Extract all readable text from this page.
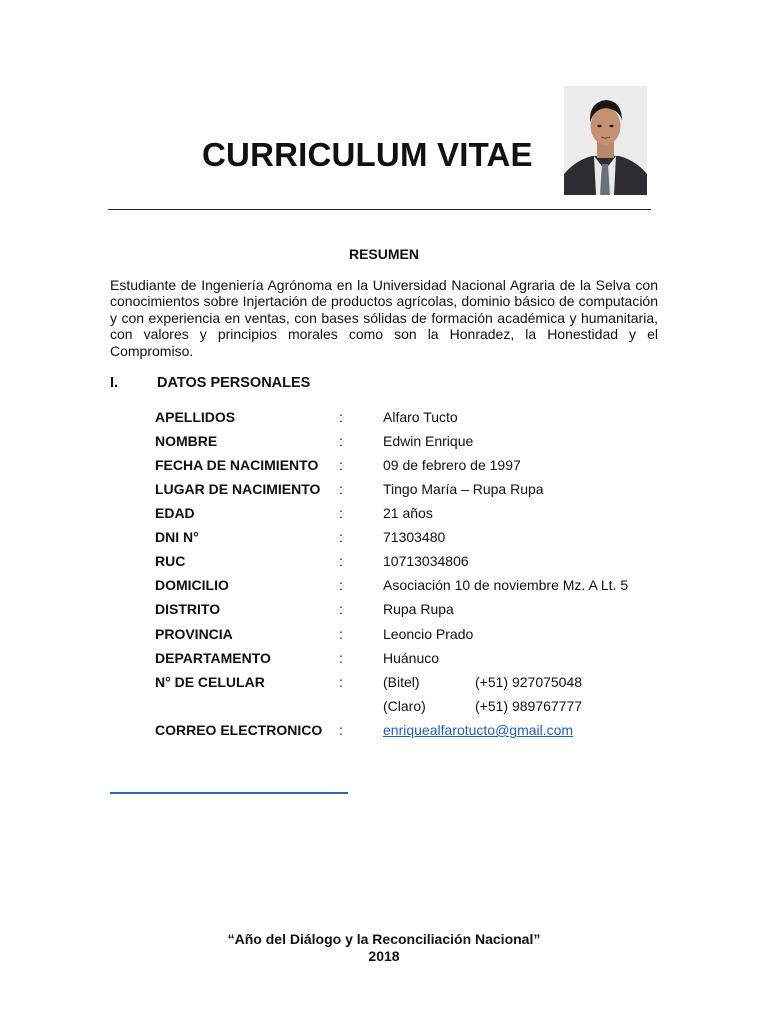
CURRICULUM VITAE
RESUMEN
Estudiante de Ingeniería Agrónoma en la Universidad Nacional Agraria de la Selva con conocimientos sobre Injertación de productos agrícolas, dominio básico de computación y con experiencia en ventas, con bases sólidas de formación académica y humanitaria, con valores y principios morales como son la Honradez, la Honestidad y el Compromiso.
I.	DATOS PERSONALES
APELLIDOS	:	Alfaro Tucto
NOMBRE	:	Edwin Enrique
FECHA DE NACIMIENTO :	09 de febrero de 1997
LUGAR DE NACIMIENTO :	Tingo María – Rupa Rupa
EDAD	:	21 años
DNI N°	:	71303480
RUC	:	10713034806
DOMICILIO	:	Asociación 10 de noviembre Mz. A Lt. 5
DISTRITO	:	Rupa Rupa
PROVINCIA	:	Leoncio Prado
DEPARTAMENTO	:	Huánuco
N° DE CELULAR	:	(Bitel)	(+51) 927075048
(Claro)	(+51) 989767777
CORREO ELECTRONICO :	enriquealfarotucto@gmail.com
“Año del Diálogo y la Reconciliación Nacional”
2018
